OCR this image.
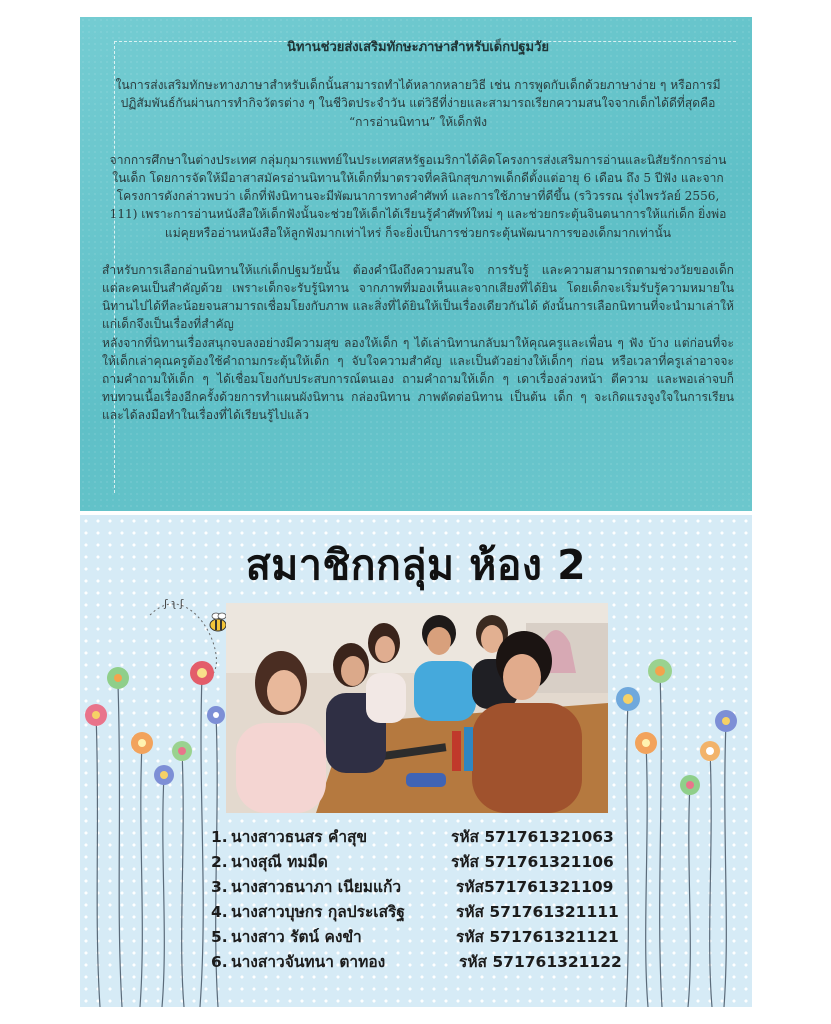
นิทานช่วยส่งเสริมทักษะภาษาสำหรับเด็กปฐมวัย

ในการส่งเสริมทักษะทางภาษาสำหรับเด็กนั้นสามารถทำได้หลากหลายวิธี เช่น การพูดกับเด็กด้วยภาษาง่าย ๆ หรือการมีปฏิสัมพันธ์กันผ่านการทำกิจวัตรต่าง ๆ ในชีวิตประจำวัน แต่วิธีที่ง่ายและสามารถเรียกความสนใจจากเด็กได้ดีที่สุดคือ “การอ่านนิทาน” ให้เด็กฟัง

จากการศึกษาในต่างประเทศ กลุ่มกุมารแพทย์ในประเทศสหรัฐอเมริกาได้คิดโครงการส่งเสริมการอ่านและนิสัยรักการอ่านในเด็ก โดยการจัดให้มีอาสาสมัครอ่านนิทานให้เด็กที่มาตรวจที่คลินิกสุขภาพเด็กดีตั้งแต่อายุ 6 เดือน ถึง 5 ปีฟัง และจากโครงการดังกล่าวพบว่า เด็กที่ฟังนิทานจะมีพัฒนาการทางคำศัพท์ และการใช้ภาษาที่ดีขึ้น (รวิวรรณ รุ่งไพรวัลย์ 2556, 111) เพราะการอ่านหนังสือให้เด็กฟังนั้นจะช่วยให้เด็กได้เรียนรู้คำศัพท์ใหม่ ๆ และช่วยกระตุ้นจินตนาการให้แก่เด็ก ยิ่งพ่อแม่คุยหรืออ่านหนังสือให้ลูกฟังมากเท่าไหร่ ก็จะยิ่งเป็นการช่วยกระตุ้นพัฒนาการของเด็กมากเท่านั้น

สำหรับการเลือกอ่านนิทานให้แก่เด็กปฐมวัยนั้น ต้องคำนึงถึงความสนใจ การรับรู้ และความสามารถตามช่วงวัยของเด็กแต่ละคนเป็นสำคัญด้วย เพราะเด็กจะรับรู้นิทาน จากภาพที่มองเห็นและจากเสียงที่ได้ยิน โดยเด็กจะเริ่มรับรู้ความหมายในนิทานไปได้ทีละน้อยจนสามารถเชื่อมโยงกับภาพ และสิ่งที่ได้ยินให้เป็นเรื่องเดียวกันได้ ดังนั้นการเลือกนิทานที่จะนำมาเล่าให้แก่เด็กจึงเป็นเรื่องที่สำคัญ

หลังจากที่นิทานเรื่องสนุกจบลงอย่างมีความสุข ลองให้เด็ก ๆ ได้เล่านิทานกลับมาให้คุณครูและเพื่อน ๆ ฟัง บ้าง แต่ก่อนที่จะให้เด็กเล่าคุณครูต้องใช้คำถามกระตุ้นให้เด็ก ๆ จับใจความสำคัญ และเป็นตัวอย่างให้เด็กๆ ก่อน หรือเวลาที่ครูเล่าอาจจะถามคำถามให้เด็ก ๆ ได้เชื่อมโยงกับประสบการณ์ตนเอง ถามคำถามให้เด็ก ๆ เดาเรื่องล่วงหน้า ตีความ และพอเล่าจบก็ทบทวนเนื้อเรื่องอีกครั้งด้วยการทำแผนผังนิทาน กล่องนิทาน ภาพตัดต่อนิทาน เป็นต้น เด็ก ๆ จะเกิดแรงจูงใจในการเรียนและได้ลงมือทำในเรื่องที่ได้เรียนรู้ไปแล้ว

ʃ ʅ ʃ
สมาชิกกลุ่ม ห้อง 2
1. นางสาวธนสร คำสุข	รหัส 571761321063
2. นางสุณี ทมมืด	รหัส 571761321106
3. นางสาวธนาภา เนียมแก้ว	รหัส571761321109
4. นางสาวบุษกร กุลประเสริฐ	รหัส 571761321111
5. นางสาว รัตน์ คงขำ	รหัส 571761321121
6. นางสาวจันทนา ตาทอง	รหัส 571761321122
